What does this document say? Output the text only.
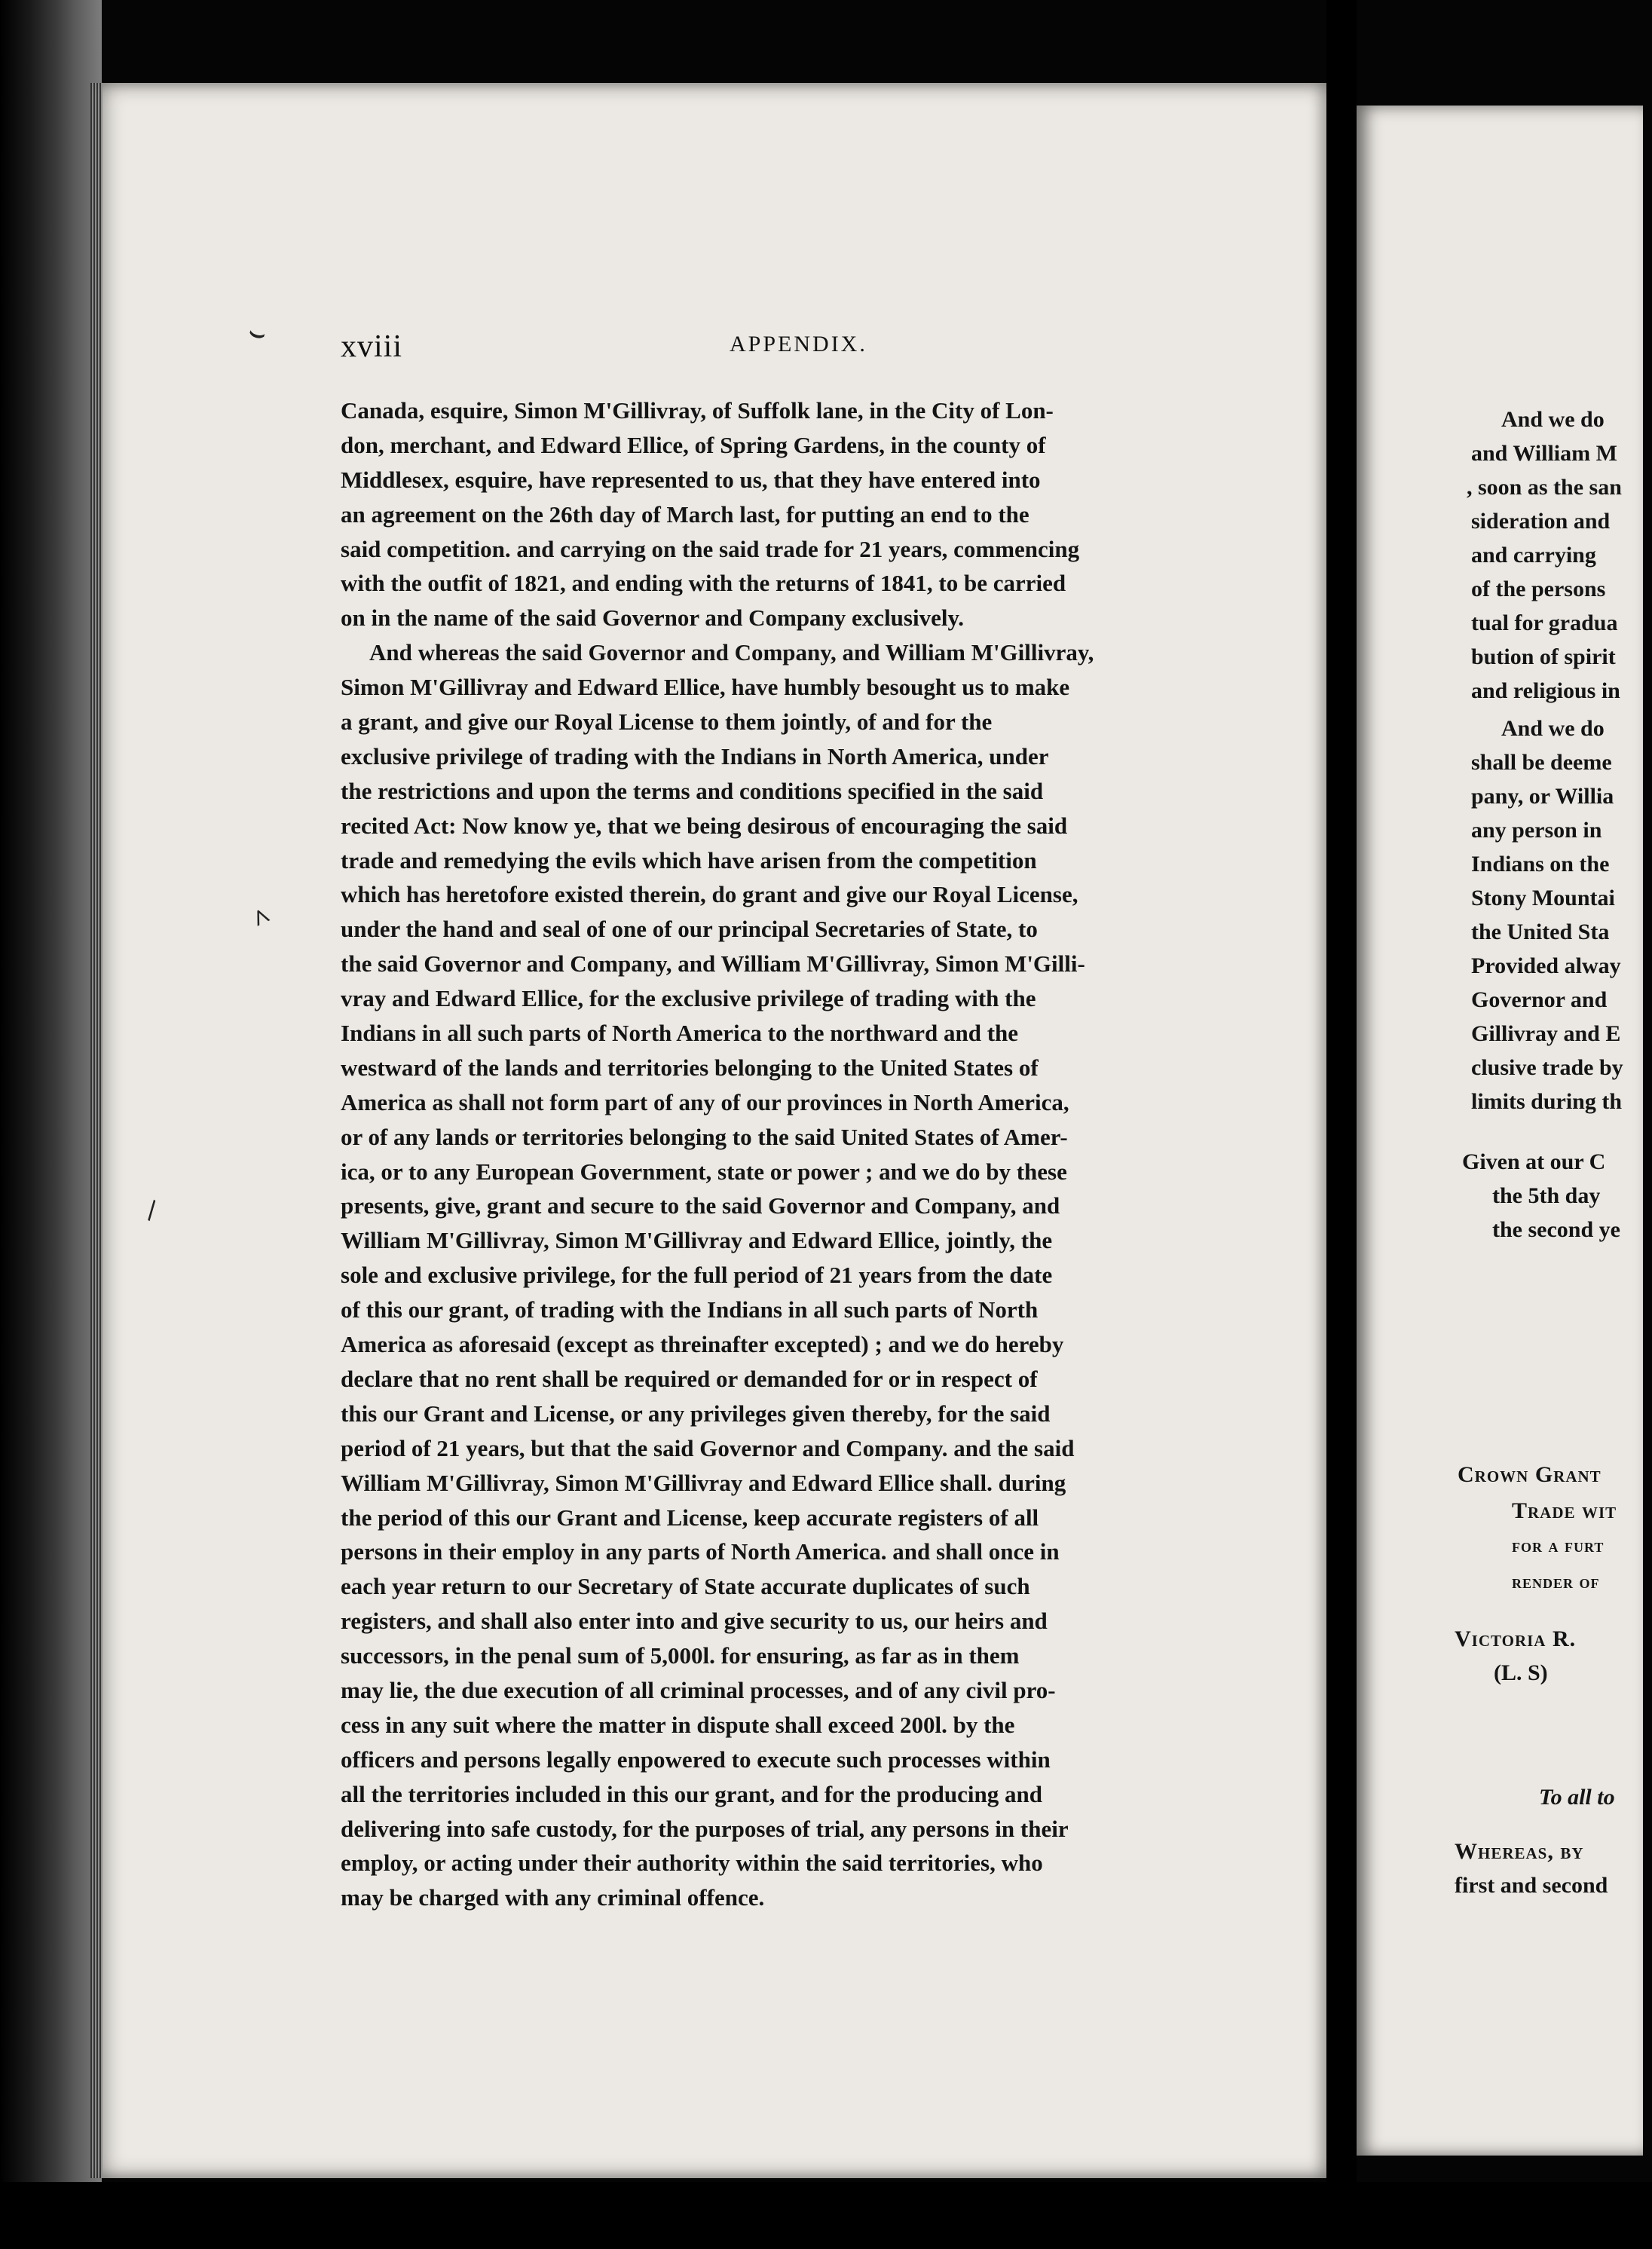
xviii	APPENDIX.
Canada, esquire, Simon M'Gillivray, of Suffolk lane, in the City of Lon-
don, merchant, and Edward Ellice, of Spring Gardens, in the county of
Middlesex, esquire, have represented to us, that they have entered into
an agreement on the 26th day of March last, for putting an end to the
said competition. and carrying on the said trade for 21 years, commencing
with the outfit of 1821, and ending with the returns of 1841, to be carried
on in the name of the said Governor and Company exclusively.
And whereas the said Governor and Company, and William M'Gillivray,
Simon M'Gillivray and Edward Ellice, have humbly besought us to make
a grant, and give our Royal License to them jointly, of and for the
exclusive privilege of trading with the Indians in North America, under
the restrictions and upon the terms and conditions specified in the said
recited Act: Now know ye, that we being desirous of encouraging the said
trade and remedying the evils which have arisen from the competition
which has heretofore existed therein, do grant and give our Royal License,
under the hand and seal of one of our principal Secretaries of State, to
the said Governor and Company, and William M'Gillivray, Simon M'Gilli-
vray and Edward Ellice, for the exclusive privilege of trading with the
Indians in all such parts of North America to the northward and the
westward of the lands and territories belonging to the United States of
America as shall not form part of any of our provinces in North America,
or of any lands or territories belonging to the said United States of Amer-
ica, or to any European Government, state or power ; and we do by these
presents, give, grant and secure to the said Governor and Company, and
William M'Gillivray, Simon M'Gillivray and Edward Ellice, jointly, the
sole and exclusive privilege, for the full period of 21 years from the date
of this our grant, of trading with the Indians in all such parts of North
America as aforesaid (except as threinafter excepted) ; and we do hereby
declare that no rent shall be required or demanded for or in respect of
this our Grant and License, or any privileges given thereby, for the said
period of 21 years, but that the said Governor and Company. and the said
William M'Gillivray, Simon M'Gillivray and Edward Ellice shall. during
the period of this our Grant and License, keep accurate registers of all
persons in their employ in any parts of North America. and shall once in
each year return to our Secretary of State accurate duplicates of such
registers, and shall also enter into and give security to us, our heirs and
successors, in the penal sum of 5,000l. for ensuring, as far as in them
may lie, the due execution of all criminal processes, and of any civil pro-
cess in any suit where the matter in dispute shall exceed 200l. by the
officers and persons legally enpowered to execute such processes within
all the territories included in this our grant, and for the producing and
delivering into safe custody, for the purposes of trial, any persons in their
employ, or acting under their authority within the said territories, who
may be charged with any criminal offence.
^
\
⌣
And we do
and William M
, soon as the san
sideration and
and carrying
of the persons
tual for gradua
bution of spirit
and religious in
And we do
shall be deeme
pany, or Willia
any person in
Indians on the
Stony Mountai
the United Sta
Provided alway
Governor and
Gillivray and E
clusive trade by
limits during th
Given at our C
the 5th day
the second ye
Crown Grant
Trade wit
for a furt
render of
Victoria R.
(L. S)
To all to
Whereas, by
first and second
